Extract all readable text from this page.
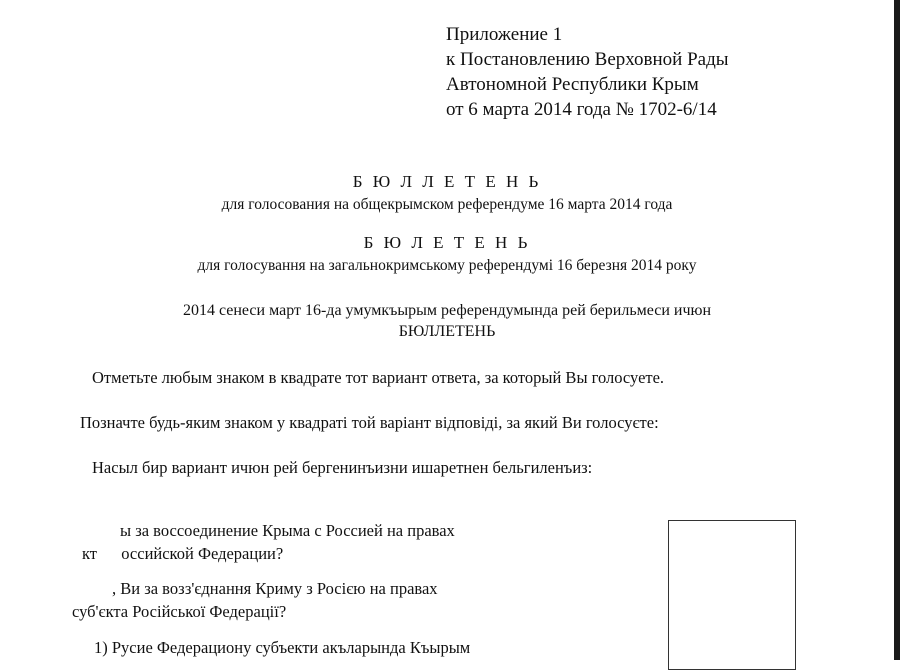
Приложение 1
к Постановлению Верховной Рады
Автономной Республики Крым
от 6 марта 2014 года № 1702-6/14
Б Ю Л Л Е Т Е Н Ь
для голосования на общекрымском референдуме 16 марта 2014 года
Б Ю Л Е Т Е Н Ь
для голосування на загальнокримському референдумі 16 березня 2014 року
2014 сенеси март 16-да умумкъырым референдумында рей берильмеси ичюн
БЮЛЛЕТЕНЬ
Отметьте любым знаком в квадрате тот вариант ответа, за который Вы голосуете.
Позначте будь-яким знаком у квадраті той варіант відповіді, за який Ви голосуєте:
Насыл бир вариант ичюн рей бергенинъизни ишаретнен бельгиленъиз:
ы за воссоединение Крыма с Россией на правах
кт оссийской Федерации?
, Ви за возз'єднання Криму з Росією на правах
суб'єкта Російської Федерації?
1) Русие Федерациону субъекти акъларында Къырым
